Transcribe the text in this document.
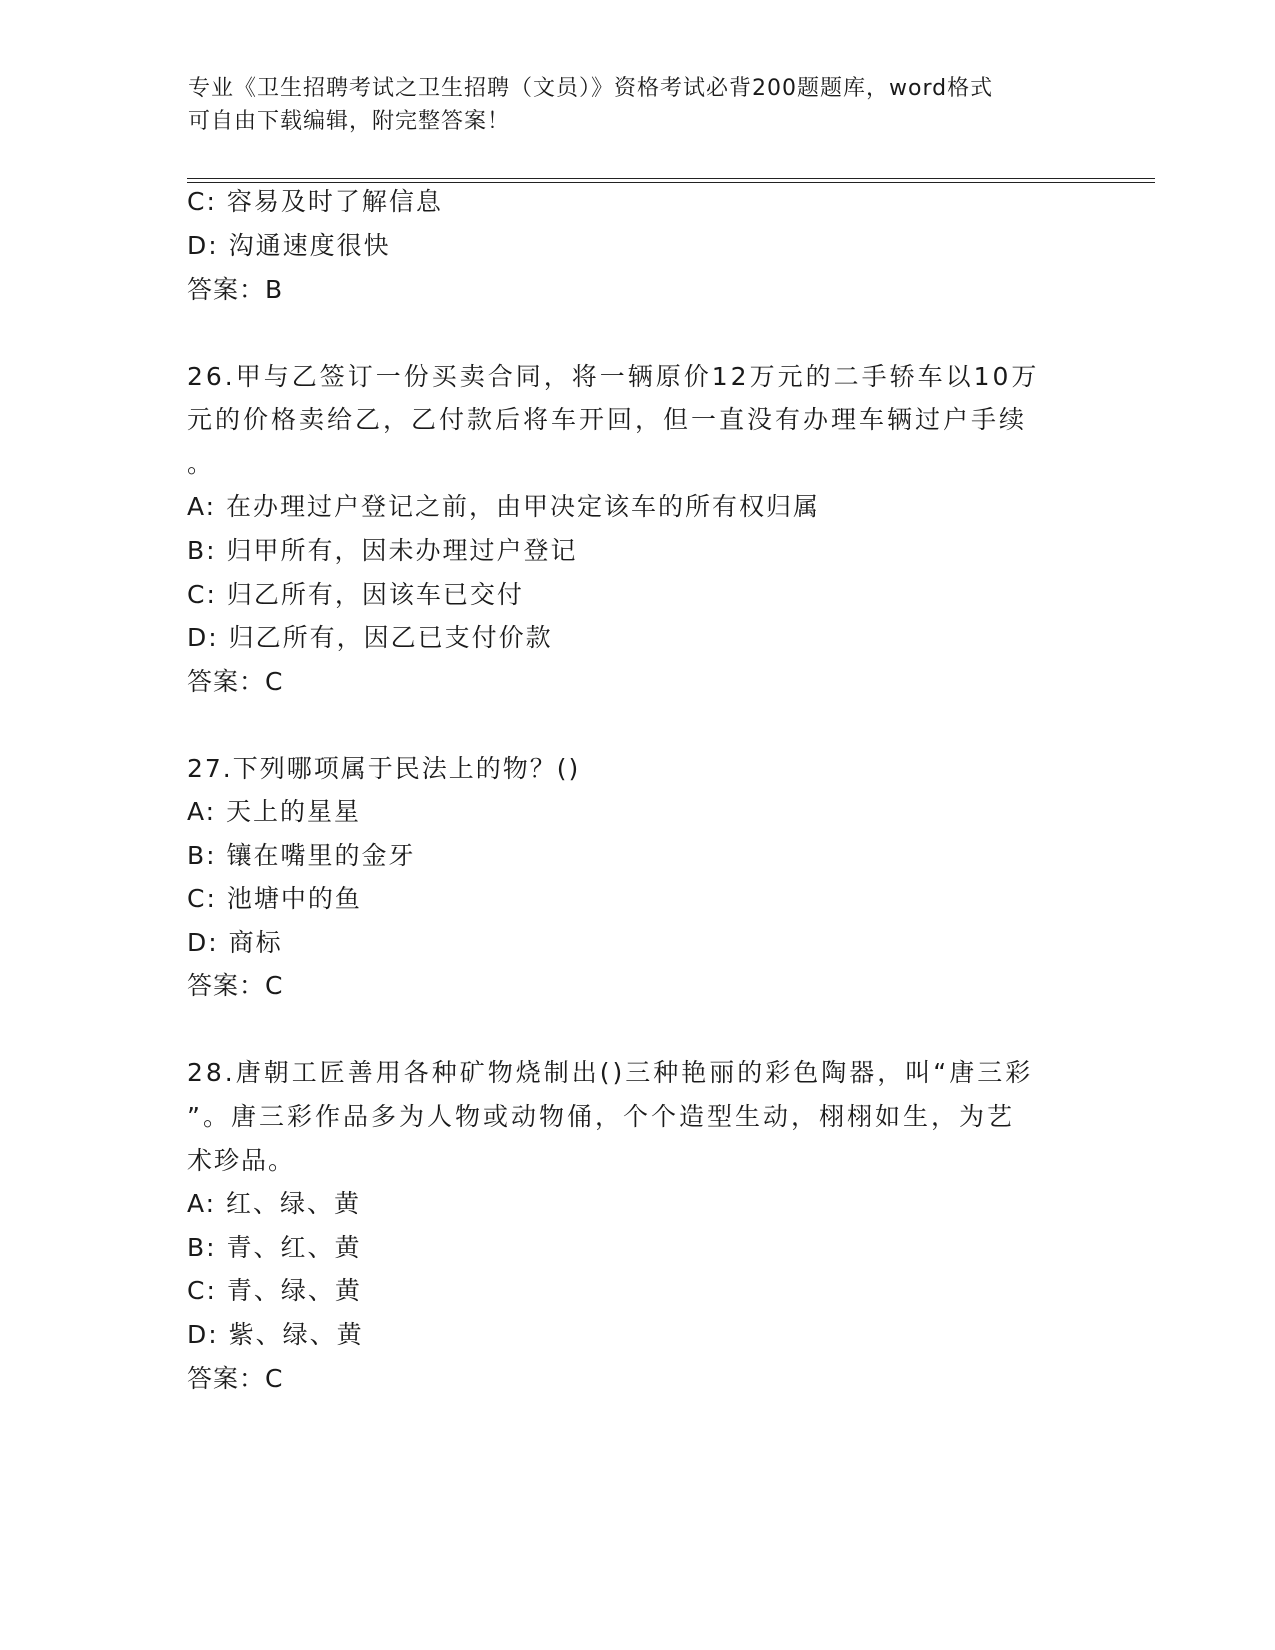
专业《卫生招聘考试之卫生招聘（文员）》资格考试必背200题题库，word格式
可自由下载编辑，附完整答案！
C: 容易及时了解信息
D: 沟通速度很快
答案：B
26.甲与乙签订一份买卖合同，将一辆原价12万元的二手轿车以10万
元的价格卖给乙，乙付款后将车开回，但一直没有办理车辆过户手续
。
A: 在办理过户登记之前，由甲决定该车的所有权归属
B: 归甲所有，因未办理过户登记
C: 归乙所有，因该车已交付
D: 归乙所有，因乙已支付价款
答案：C
27.下列哪项属于民法上的物？()
A: 天上的星星
B: 镶在嘴里的金牙
C: 池塘中的鱼
D: 商标
答案：C
28.唐朝工匠善用各种矿物烧制出()三种艳丽的彩色陶器，叫“唐三彩
”。唐三彩作品多为人物或动物俑，个个造型生动，栩栩如生，为艺
术珍品。
A: 红、绿、黄
B: 青、红、黄
C: 青、绿、黄
D: 紫、绿、黄
答案：C
